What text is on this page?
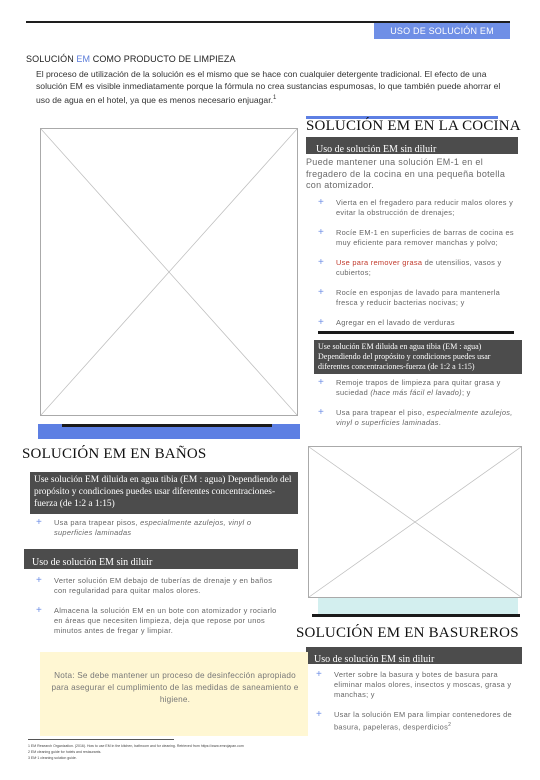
USO DE SOLUCIÓN EM
SOLUCIÓN EM COMO PRODUCTO DE LIMPIEZA
El proceso de utilización de la solución es el mismo que se hace con cualquier detergente tradicional. El efecto de una solución EM es visible inmediatamente porque la fórmula no crea sustancias espumosas, lo que también puede ahorrar el uso de agua en el hotel, ya que es menos necesario enjuagar.$^1$
SOLUCIÓN EM EN LA COCINA
Uso de solución EM sin diluir
Puede mantener una solución EM-1 en el fregadero de la cocina en una pequeña botella con atomizador.
+ Vierta en el fregadero para reducir malos olores y evitar la obstrucción de drenajes;
+ Rocíe EM-1 en superficies de barras de cocina es muy eficiente para remover manchas y polvo;
+ Use para remover grasa de utensilios, vasos y cubiertos;
+ Rocíe en esponjas de lavado para mantenerla fresca y reducir bacterias nocivas; y
+ Agregar en el lavado de verduras
Use solución EM diluida en agua tibia (EM : agua) Dependiendo del propósito y condiciones puedes usar diferentes concentraciones-fuerza (de 1:2 a 1:15)
+ Remoje trapos de limpieza para quitar grasa y suciedad (hace más fácil el lavado); y
+ Usa para trapear el piso, especialmente azulejos, vinyl o superficies laminadas.
SOLUCIÓN EM EN BAÑOS
Use solución EM diluida en agua tibia (EM : agua) Dependiendo del propósito y condiciones puedes usar diferentes concentraciones-fuerza (de 1:2 a 1:15)
+ Usa para trapear pisos, especialmente azulejos, vinyl o superficies laminadas
Uso de solución EM sin diluir
+ Verter solución EM debajo de tuberías de drenaje y en baños con regularidad para quitar malos olores.
+ Almacena la solución EM en un bote con atomizador y rociarlo en áreas que necesiten limpieza, deja que repose por unos minutos antes de fregar y limpiar.	SOLUCIÓN EM EN BASUREROS
Uso de solución EM sin diluir
+ Verter sobre la basura y botes de basura para eliminar malos olores, insectos y moscas, grasa y manchas; y
+ Usar la solución EM para limpiar contenedores de basura, papeleras, desperdicios$^2$
Nota: Se debe mantener un proceso de desinfección apropiado para asegurar el cumplimiento de las medidas de saneamiento e higiene.
1 EM Research Organization. (2016). How to use EM in the kitchen, bathroom and for cleaning. Retrieved from https://www.emrojapan.com
2 EM cleaning guide for hotels and restaurants.
3 EM·1 cleaning solution guide.
